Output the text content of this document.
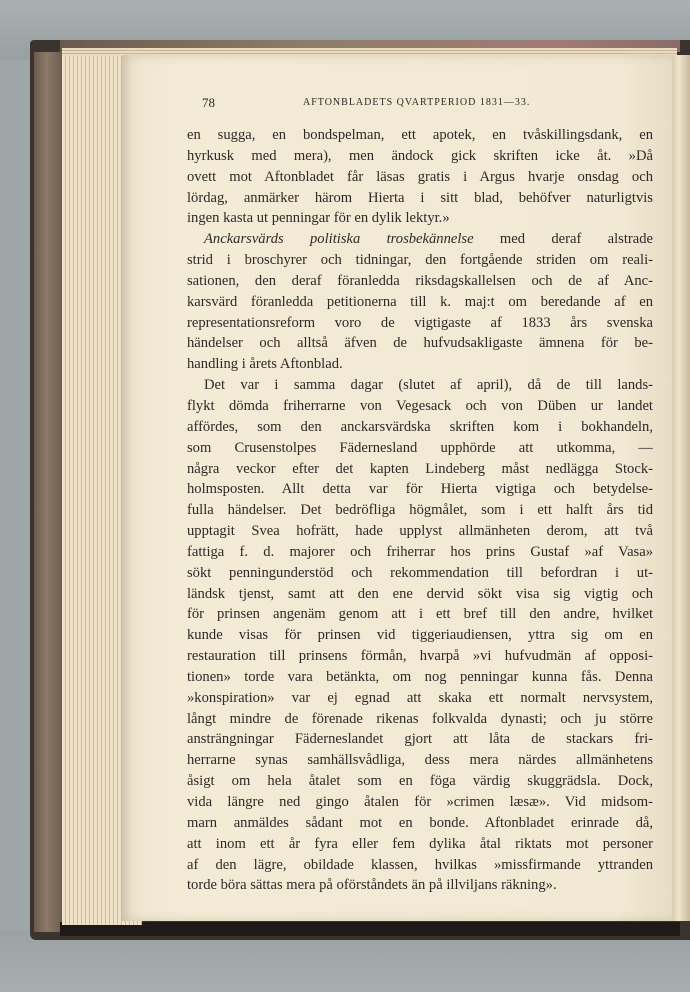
78	AFTONBLADETS QVARTPERIOD 1831—33.
en sugga, en bondspelman, ett apotek, en tvåskillingsdank, en
hyrkusk med mera), men ändock gick skriften icke åt. »Då
ovett mot Aftonbladet får läsas gratis i Argus hvarje onsdag och
lördag, anmärker härom Hierta i sitt blad, behöfver naturligtvis
ingen kasta ut penningar för en dylik lektyr.»
Anckarsvärds politiska trosbekännelse med deraf alstrade
strid i broschyrer och tidningar, den fortgående striden om reali-
sationen, den deraf föranledda riksdagskallelsen och de af Anc-
karsvärd föranledda petitionerna till k. maj:t om beredande af en
representationsreform voro de vigtigaste af 1833 års svenska
händelser och alltså äfven de hufvudsakligaste ämnena för be-
handling i årets Aftonblad.
Det var i samma dagar (slutet af april), då de till lands-
flykt dömda friherrarne von Vegesack och von Düben ur landet
affördes, som den anckarsvärdska skriften kom i bokhandeln,
som Crusenstolpes Fädernesland upphörde att utkomma, —
några veckor efter det kapten Lindeberg måst nedlägga Stock-
holmsposten. Allt detta var för Hierta vigtiga och betydelse-
fulla händelser. Det bedröfliga högmålet, som i ett halft års tid
upptagit Svea hofrätt, hade upplyst allmänheten derom, att två
fattiga f. d. majorer och friherrar hos prins Gustaf »af Vasa»
sökt penningunderstöd och rekommendation till befordran i ut-
ländsk tjenst, samt att den ene dervid sökt visa sig vigtig och
för prinsen angenäm genom att i ett bref till den andre, hvilket
kunde visas för prinsen vid tiggeriaudiensen, yttra sig om en
restauration till prinsens förmån, hvarpå »vi hufvudmän af opposi-
tionen» torde vara betänkta, om nog penningar kunna fås. Denna
»konspiration» var ej egnad att skaka ett normalt nervsystem,
långt mindre de förenade rikenas folkvalda dynasti; och ju större
ansträngningar Fäderneslandet gjort att låta de stackars fri-
herrarne synas samhällsvådliga, dess mera närdes allmänhetens
åsigt om hela åtalet som en föga värdig skuggrädsla. Dock,
vida längre ned gingo åtalen för »crimen læsæ». Vid midsom-
marn anmäldes sådant mot en bonde. Aftonbladet erinrade då,
att inom ett år fyra eller fem dylika åtal riktats mot personer
af den lägre, obildade klassen, hvilkas »missfirmande yttranden
torde böra sättas mera på oförståndets än på illviljans räkning».
